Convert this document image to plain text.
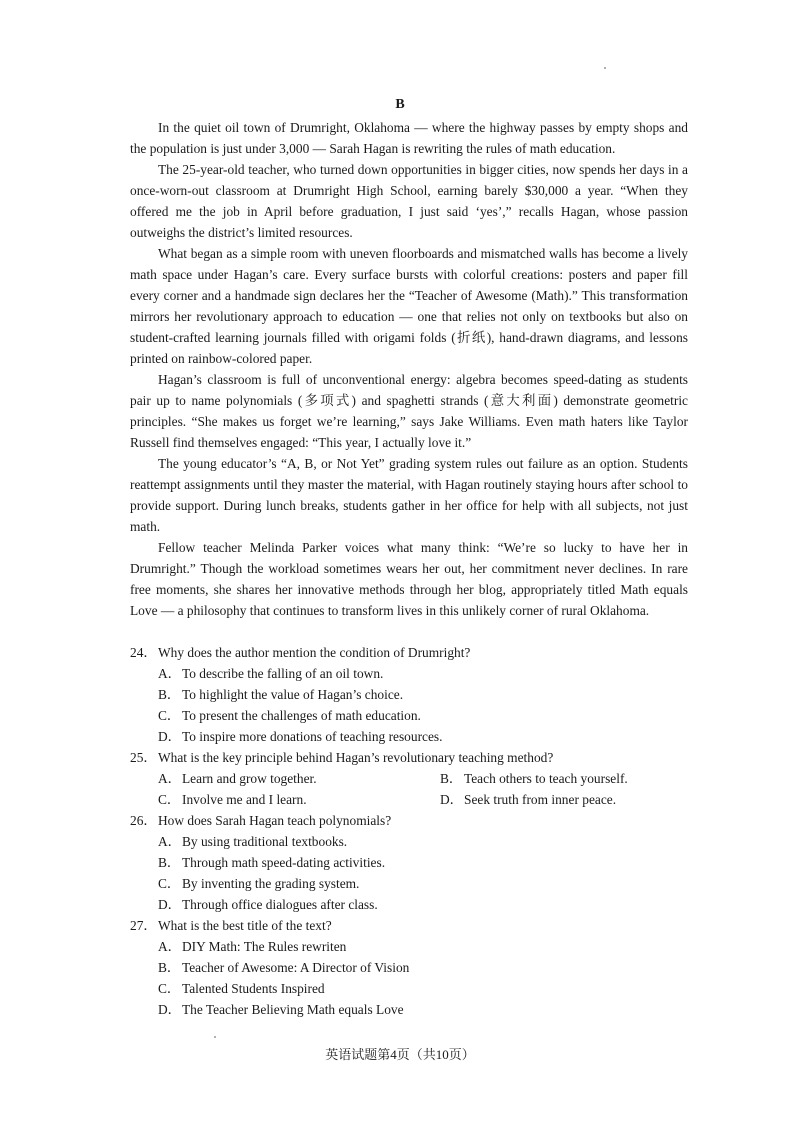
B

In the quiet oil town of Drumright, Oklahoma — where the highway passes by empty shops and the population is just under 3,000 — Sarah Hagan is rewriting the rules of math education.

The 25-year-old teacher, who turned down opportunities in bigger cities, now spends her days in a once-worn-out classroom at Drumright High School, earning barely $30,000 a year. “When they offered me the job in April before graduation, I just said ‘yes’,” recalls Hagan, whose passion outweighs the district’s limited resources.

What began as a simple room with uneven floorboards and mismatched walls has become a lively math space under Hagan’s care. Every surface bursts with colorful creations: posters and paper fill every corner and a handmade sign declares her the “Teacher of Awesome (Math).” This transformation mirrors her revolutionary approach to education — one that relies not only on textbooks but also on student-crafted learning journals filled with origami folds (折纸), hand-drawn diagrams, and lessons printed on rainbow-colored paper.

Hagan’s classroom is full of unconventional energy: algebra becomes speed-dating as students pair up to name polynomials (多项式) and spaghetti strands (意大利面) demonstrate geometric principles. “She makes us forget we’re learning,” says Jake Williams. Even math haters like Taylor Russell find themselves engaged: “This year, I actually love it.”

The young educator’s “A, B, or Not Yet” grading system rules out failure as an option. Students reattempt assignments until they master the material, with Hagan routinely staying hours after school to provide support. During lunch breaks, students gather in her office for help with all subjects, not just math.

Fellow teacher Melinda Parker voices what many think: “We’re so lucky to have her in Drumright.” Though the workload sometimes wears her out, her commitment never declines. In rare free moments, she shares her innovative methods through her blog, appropriately titled Math equals Love — a philosophy that continues to transform lives in this unlikely corner of rural Oklahoma.

24． Why does the author mention the condition of Drumright?
A． To describe the falling of an oil town.
B． To highlight the value of Hagan’s choice.
C． To present the challenges of math education.
D． To inspire more donations of teaching resources.
25． What is the key principle behind Hagan’s revolutionary teaching method?
A． Learn and grow together.	B． Teach others to teach yourself.
C． Involve me and I learn.	D． Seek truth from inner peace.
26． How does Sarah Hagan teach polynomials?
A． By using traditional textbooks.
B． Through math speed-dating activities.
C． By inventing the grading system.
D． Through office dialogues after class.
27． What is the best title of the text?
A． DIY Math: The Rules rewriten
B． Teacher of Awesome: A Director of Vision
C． Talented Students Inspired
D． The Teacher Believing Math equals Love
英语试题第4页（共10页）
